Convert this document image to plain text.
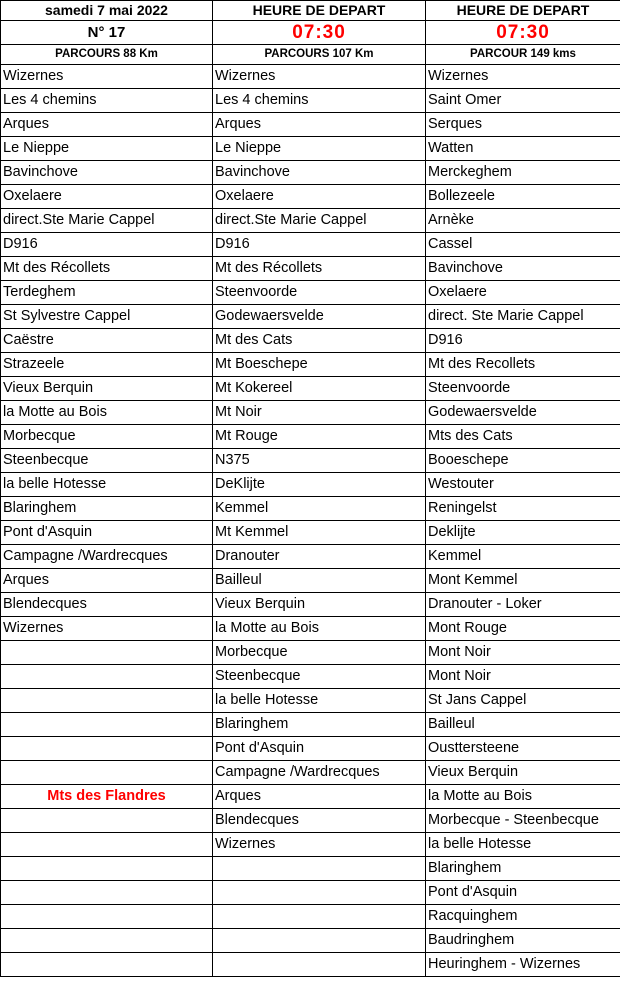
samedi 7 mai 2022	HEURE DE DEPART	HEURE DE DEPART
N° 17	07:30	07:30
PARCOURS 88 Km	PARCOURS 107 Km	PARCOUR 149 kms
Wizernes	Wizernes	Wizernes
Les 4 chemins	Les 4 chemins	Saint Omer
Arques	Arques	Serques
Le Nieppe	Le Nieppe	Watten
Bavinchove	Bavinchove	Merckeghem
Oxelaere	Oxelaere	Bollezeele
direct.Ste Marie Cappel	direct.Ste Marie Cappel	Arnèke
D916	D916	Cassel
Mt des Récollets	Mt des Récollets	Bavinchove
Terdeghem	Steenvoorde	Oxelaere
St Sylvestre Cappel	Godewaersvelde	direct. Ste Marie Cappel
Caëstre	Mt des Cats	D916
Strazeele	Mt Boeschepe	Mt des Recollets
Vieux Berquin	Mt Kokereel	Steenvoorde
la Motte au Bois	Mt Noir	Godewaersvelde
Morbecque	Mt Rouge	Mts des Cats
Steenbecque	N375	Booeschepe
la belle Hotesse	DeKlijte	Westouter
Blaringhem	Kemmel	Reningelst
Pont d'Asquin	Mt Kemmel	Deklijte
Campagne /Wardrecques	Dranouter	Kemmel
Arques	Bailleul	Mont Kemmel
Blendecques	Vieux Berquin	Dranouter - Loker
Wizernes	la Motte au Bois	Mont Rouge
	Morbecque	Mont Noir
	Steenbecque	Mont Noir
	la belle Hotesse	St Jans Cappel
	Blaringhem	Bailleul
	Pont d'Asquin	Ousttersteene
	Campagne /Wardrecques	Vieux Berquin
Mts des Flandres	Arques	la Motte au Bois
	Blendecques	Morbecque - Steenbecque
	Wizernes	la belle Hotesse
		Blaringhem
		Pont d'Asquin
		Racquinghem
		Baudringhem
		Heuringhem - Wizernes
